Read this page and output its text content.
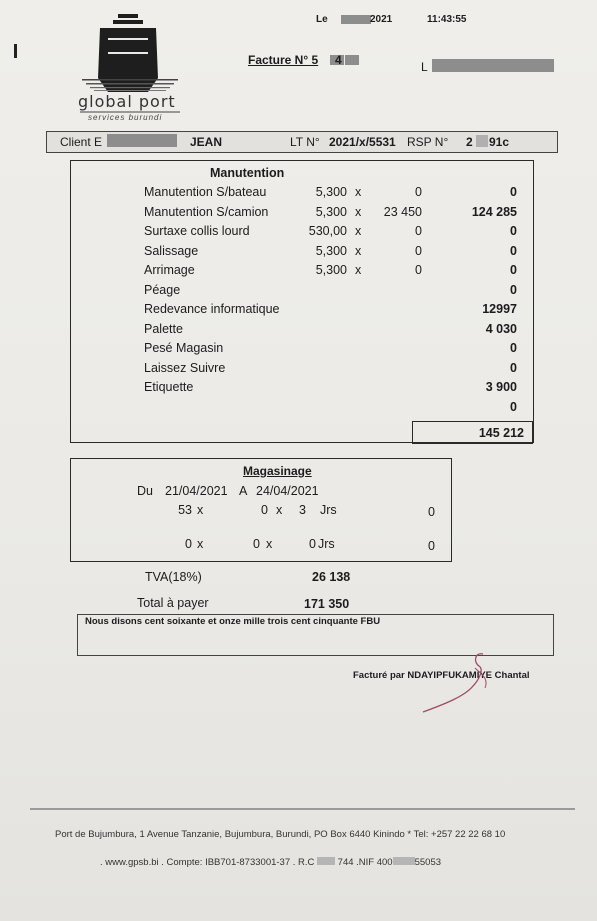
global port
services burundi
Le	2021	11:43:55
Facture N° 5 4	L
Client E	JEAN	LT N° 2021/x/5531 RSP N° 2 91c
Manutention
Manutention S/bateau	5,300 x	0	0
Manutention S/camion	5,300 x	23 450	124 285
Surtaxe collis lourd	530,00 x	0	0
Salissage	5,300 x	0	0
Arrimage	5,300 x	0	0
Péage	0
Redevance informatique	12997
Palette	4 030
Pesé Magasin	0
Laissez Suivre	0
Etiquette	3 900
0
145 212
Magasinage
Du 21/04/2021 A 24/04/2021
53 x	0 x	3 Jrs	0
0 x	0 x	0 Jrs	0
TVA(18%)	26 138
Total à payer	171 350
Nous disons cent soixante et onze mille trois cent cinquante FBU
Facturé par NDAYIPFUKAMIYE Chantal
Port de Bujumbura, 1 Avenue Tanzanie, Bujumbura, Burundi, PO Box 6440 Kinindo * Tel: +257 22 22 68 10
. www.gpsb.bi . Compte: IBB701-8733001-37 . R.C 744 .NIF 400 55053
